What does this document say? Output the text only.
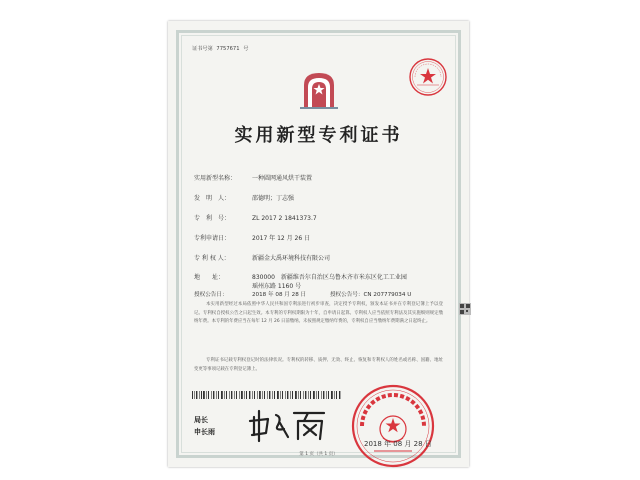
证书号第 7757671 号
实用新型专利证书
实用新型名称：	一种圆网通风烘干装置
发　明　人：	邵德明；丁志强
专　利　号：	ZL 2017 2 1841373.7
专利申请日：	2017 年 12 月 26 日
专 利 权 人：	新疆金大禹环境科技有限公司
地　　址：	830000　新疆维吾尔自治区乌鲁木齐市米东区化工工业园
瑶州东路 1160 号
授权公告日：	2018 年 08 月 28 日	授权公告号：CN 207779034 U
本实用新型经过本局依照中华人民共和国专利法进行初步审查，决定授予专利权，颁发本证书并在专利登记簿上予以登记。专利权自授权公告之日起生效。本专利的专利权期限为十年，自申请日起算。专利权人应当依照专利法及其实施细则规定缴纳年费。本专利的年费应当在每年 12 月 26 日前缴纳。未按照规定缴纳年费的，专利权自应当缴纳年费期满之日起终止。
专利证书记载专利权登记时的法律状况。专利权的转移、质押、无效、终止、恢复和专利权人的姓名或名称、国籍、地址变更等事项记载在专利登记簿上。
局长
申长雨
2018 年 08 月 28 日
第 1 页（共 1 页）
